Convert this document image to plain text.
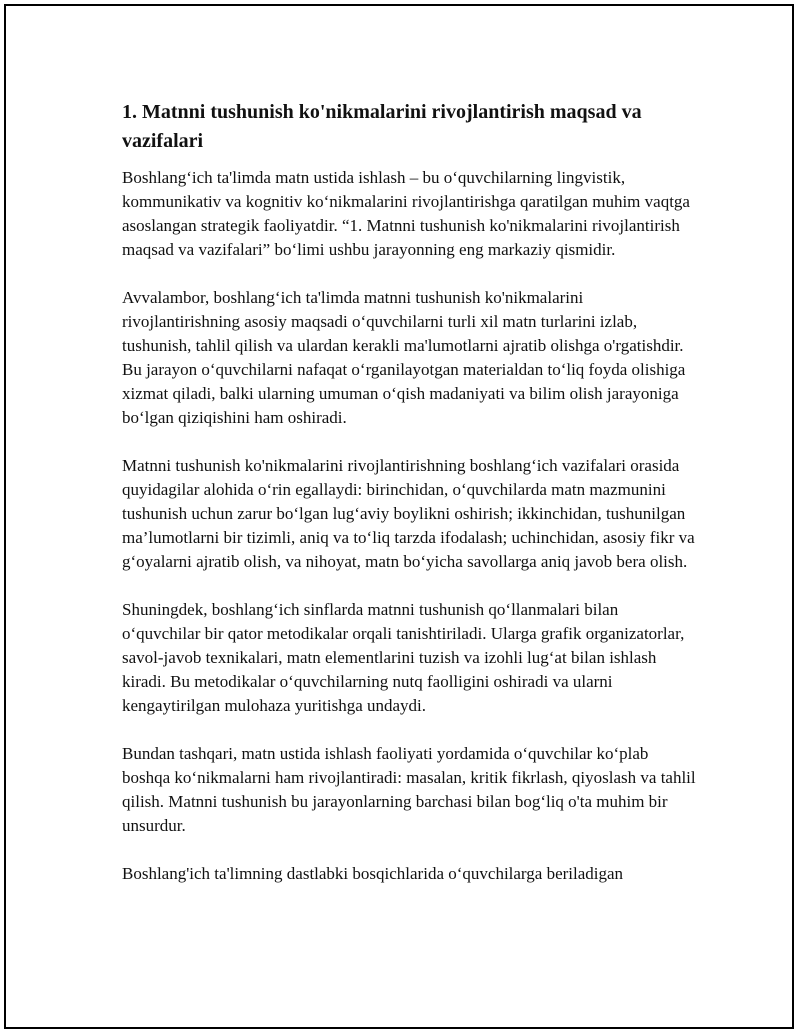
1. Matnni tushunish ko'nikmalarini rivojlantirish maqsad va vazifalari

Boshlang‘ich ta'limda matn ustida ishlash – bu o‘quvchilarning lingvistik, kommunikativ va kognitiv ko‘nikmalarini rivojlantirishga qaratilgan muhim vaqtga asoslangan strategik faoliyatdir. “1. Matnni tushunish ko'nikmalarini rivojlantirish maqsad va vazifalari” bo‘limi ushbu jarayonning eng markaziy qismidir.

Avvalambor, boshlang‘ich ta'limda matnni tushunish ko'nikmalarini rivojlantirishning asosiy maqsadi o‘quvchilarni turli xil matn turlarini izlab, tushunish, tahlil qilish va ulardan kerakli ma'lumotlarni ajratib olishga o'rgatishdir. Bu jarayon o‘quvchilarni nafaqat oʻrganilayotgan materialdan to‘liq foyda olishiga xizmat qiladi, balki ularning umuman o‘qish madaniyati va bilim olish jarayoniga bo‘lgan qiziqishini ham oshiradi.

Matnni tushunish ko'nikmalarini rivojlantirishning boshlang‘ich vazifalari orasida quyidagilar alohida o‘rin egallaydi: birinchidan, o‘quvchilarda matn mazmunini tushunish uchun zarur bo‘lgan lug‘aviy boylikni oshirish; ikkinchidan, tushunilgan ma’lumotlarni bir tizimli, aniq va to‘liq tarzda ifodalash; uchinchidan, asosiy fikr va g‘oyalarni ajratib olish, va nihoyat, matn bo‘yicha savollarga aniq javob bera olish.

Shuningdek, boshlang‘ich sinflarda matnni tushunish qo‘llanmalari bilan o‘quvchilar bir qator metodikalar orqali tanishtiriladi. Ularga grafik organizatorlar, savol-javob texnikalari, matn elementlarini tuzish va izohli lug‘at bilan ishlash kiradi. Bu metodikalar o‘quvchilarning nutq faolligini oshiradi va ularni kengaytirilgan mulohaza yuritishga undaydi.

Bundan tashqari, matn ustida ishlash faoliyati yordamida o‘quvchilar ko‘plab boshqa ko‘nikmalarni ham rivojlantiradi: masalan, kritik fikrlash, qiyoslash va tahlil qilish. Matnni tushunish bu jarayonlarning barchasi bilan bog‘liq o'ta muhim bir unsurdur.

Boshlang'ich ta'limning dastlabki bosqichlarida o‘quvchilarga beriladigan
